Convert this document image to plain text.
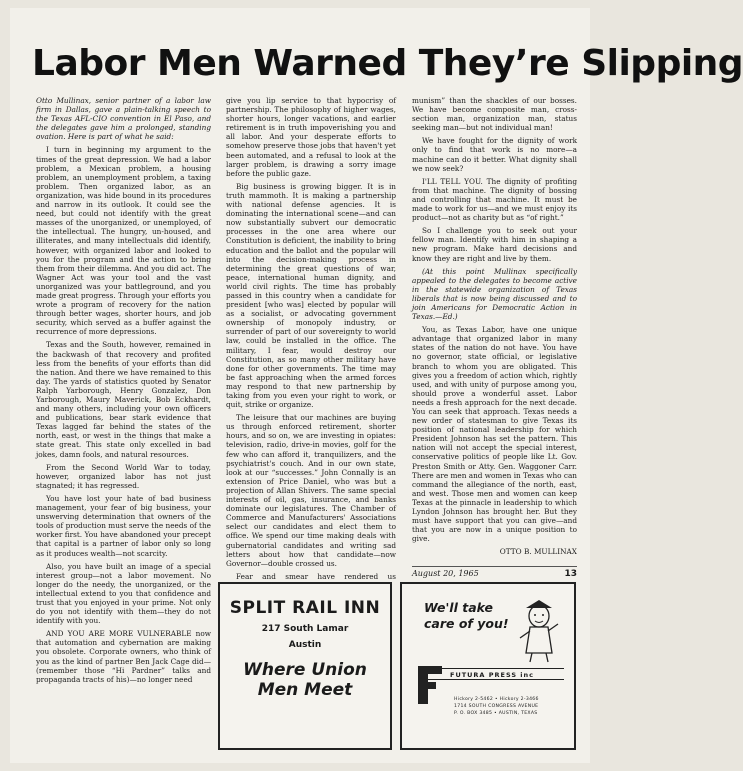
Labor Men Warned They’re Slipping

Otto Mullinax, senior partner of a labor law firm in Dallas, gave a plain-talking speech to the Texas AFL-CIO convention in El Paso, and the delegates gave him a prolonged, standing ovation. Here is part of what he said:

I turn in beginning my argument to the times of the great depression. We had a labor problem, a Mexican problem, a housing problem, an unemployment problem, a taxing problem. Then organized labor, as an organization, was hide bound in its procedures and narrow in its outlook. It could see the need, but could not identify with the great masses of the unorganized, or unemployed, of the intellectual. The hungry, un-housed, and illiterates, and many intellectuals did identify, however, with organized labor and looked to you for the program and the action to bring them from their dilemma. And you did act. The Wagner Act was your tool and the vast unorganized was your battleground, and you made great progress. Through your efforts you wrote a program of recovery for the nation through better wages, shorter hours, and job security, which served as a buffer against the recurrence of more depressions.

Texas and the South, however, remained in the backwash of that recovery and profited less from the benefits of your efforts than did the nation. And there we have remained to this day. The yards of statistics quoted by Senator Ralph Yarborough, Henry Gonzalez, Don Yarborough, Maury Maverick, Bob Eckhardt, and many others, including your own officers and publications, bear stark evidence that Texas lagged far behind the states of the north, east, or west in the things that make a state great. This state only excelled in bad jokes, damn fools, and natural resources.

From the Second World War to today, however, organized labor has not just stagnated; it has regressed.

You have lost your hate of bad business management, your fear of big business, your unswerving determination that owners of the tools of production must serve the needs of the worker first. You have abandoned your precept that capital is a partner of labor only so long as it produces wealth—not scarcity.

Also, you have built an image of a special interest group—not a labor movement. No longer do the needy, the unorganized, or the intellectual extend to you that confidence and trust that you enjoyed in your prime. Not only do you not identify with them—they do not identify with you.

AND YOU ARE MORE VULNERABLE now that automation and cybernation are making you obsolete. Corporate owners, who think of you as the kind of partner Ben Jack Cage did—(remember those “Hi Pardner” talks and propaganda tracts of his)—no longer need

give you lip service to that hypocrisy of partnership. The philosophy of higher wages, shorter hours, longer vacations, and earlier retirement is in truth impoverishing you and all labor. And your desperate efforts to somehow preserve those jobs that haven't yet been automated, and a refusal to look at the larger problem, is drawing a sorry image before the public gaze.

Big business is growing bigger. It is in truth mammoth. It is making a partnership with national defense agencies. It is dominating the international scene—and can now substantially subvert our democratic processes in the one area where our Constitution is deficient, the inability to bring education and the ballot and the popular will into the decision-making process in determining the great questions of war, peace, international human dignity, and world civil rights. The time has probably passed in this country when a candidate for president [who was] elected by popular will as a socialist, or advocating government ownership of monopoly industry, or surrender of part of our sovereignty to world law, could be installed in the office. The military, I fear, would destroy our Constitution, as so many other military have done for other governments. The time may be fast approaching when the armed forces may respond to that new partnership by taking from you even your right to work, or quit, strike or organize.

The leisure that our machines are buying us through enforced retirement, shorter hours, and so on, we are investing in opiates: television, radio, drive-in movies, golf for the few who can afford it, tranquilizers, and the psychiatrist's couch. And in our own state, look at our “successes.” John Connally is an extension of Price Daniel, who was but a projection of Allan Shivers. The same special interests of oil, gas, insurance, and banks dominate our legislatures. The Chamber of Commerce and Manufacturers' Associations select our candidates and elect them to office. We spend our time making deals with gubernatorial candidates and writing sad letters about how that candidate—now Governor—double crossed us.

Fear and smear have rendered us

munism” than the shackles of our bosses. We have become composite man, cross-section man, organization man, status seeking man—but not individual man!

We have fought for the dignity of work only to find that work is no more—a machine can do it better. What dignity shall we now seek?

I'LL TELL YOU. The dignity of profiting from that machine. The dignity of bossing and controlling that machine. It must be made to work for us—and we must enjoy its product—not as charity but as “of right.”

So I challenge you to seek out your fellow man. Identify with him in shaping a new program. Make hard decisions and know they are right and live by them.

(At this point Mullinax specifically appealed to the delegates to become active in the statewide organization of Texas liberals that is now being discussed and to join Americans for Democratic Action in Texas.—Ed.)

You, as Texas Labor, have one unique advantage that organized labor in many states of the nation do not have. You have no governor, state official, or legislative branch to whom you are obligated. This gives you a freedom of action which, rightly used, and with unity of purpose among you, should prove a wonderful asset. Labor needs a fresh approach for the next decade. You can seek that approach. Texas needs a new order of statesman to give Texas its position of national leadership for which President Johnson has set the pattern. This nation will not accept the special interest, conservative politics of people like Lt. Gov. Preston Smith or Atty. Gen. Waggoner Carr. There are men and women in Texas who can command the allegiance of the north, east, and west. Those men and women can keep Texas at the pinnacle in leadership to which Lyndon Johnson has brought her. But they must have support that you can give—and that you are now in a unique position to give.

OTTO B. MULLINAX
August 20, 1965	13
SPLIT RAIL INN
217 South Lamar
Austin
Where Union Men Meet
We'll take care of you!
FUTURA PRESS inc
Hickory 2-5462 • Hickory 2-3466
1714 SOUTH CONGRESS AVENUE
P. O. BOX 3485 • AUSTIN, TEXAS
